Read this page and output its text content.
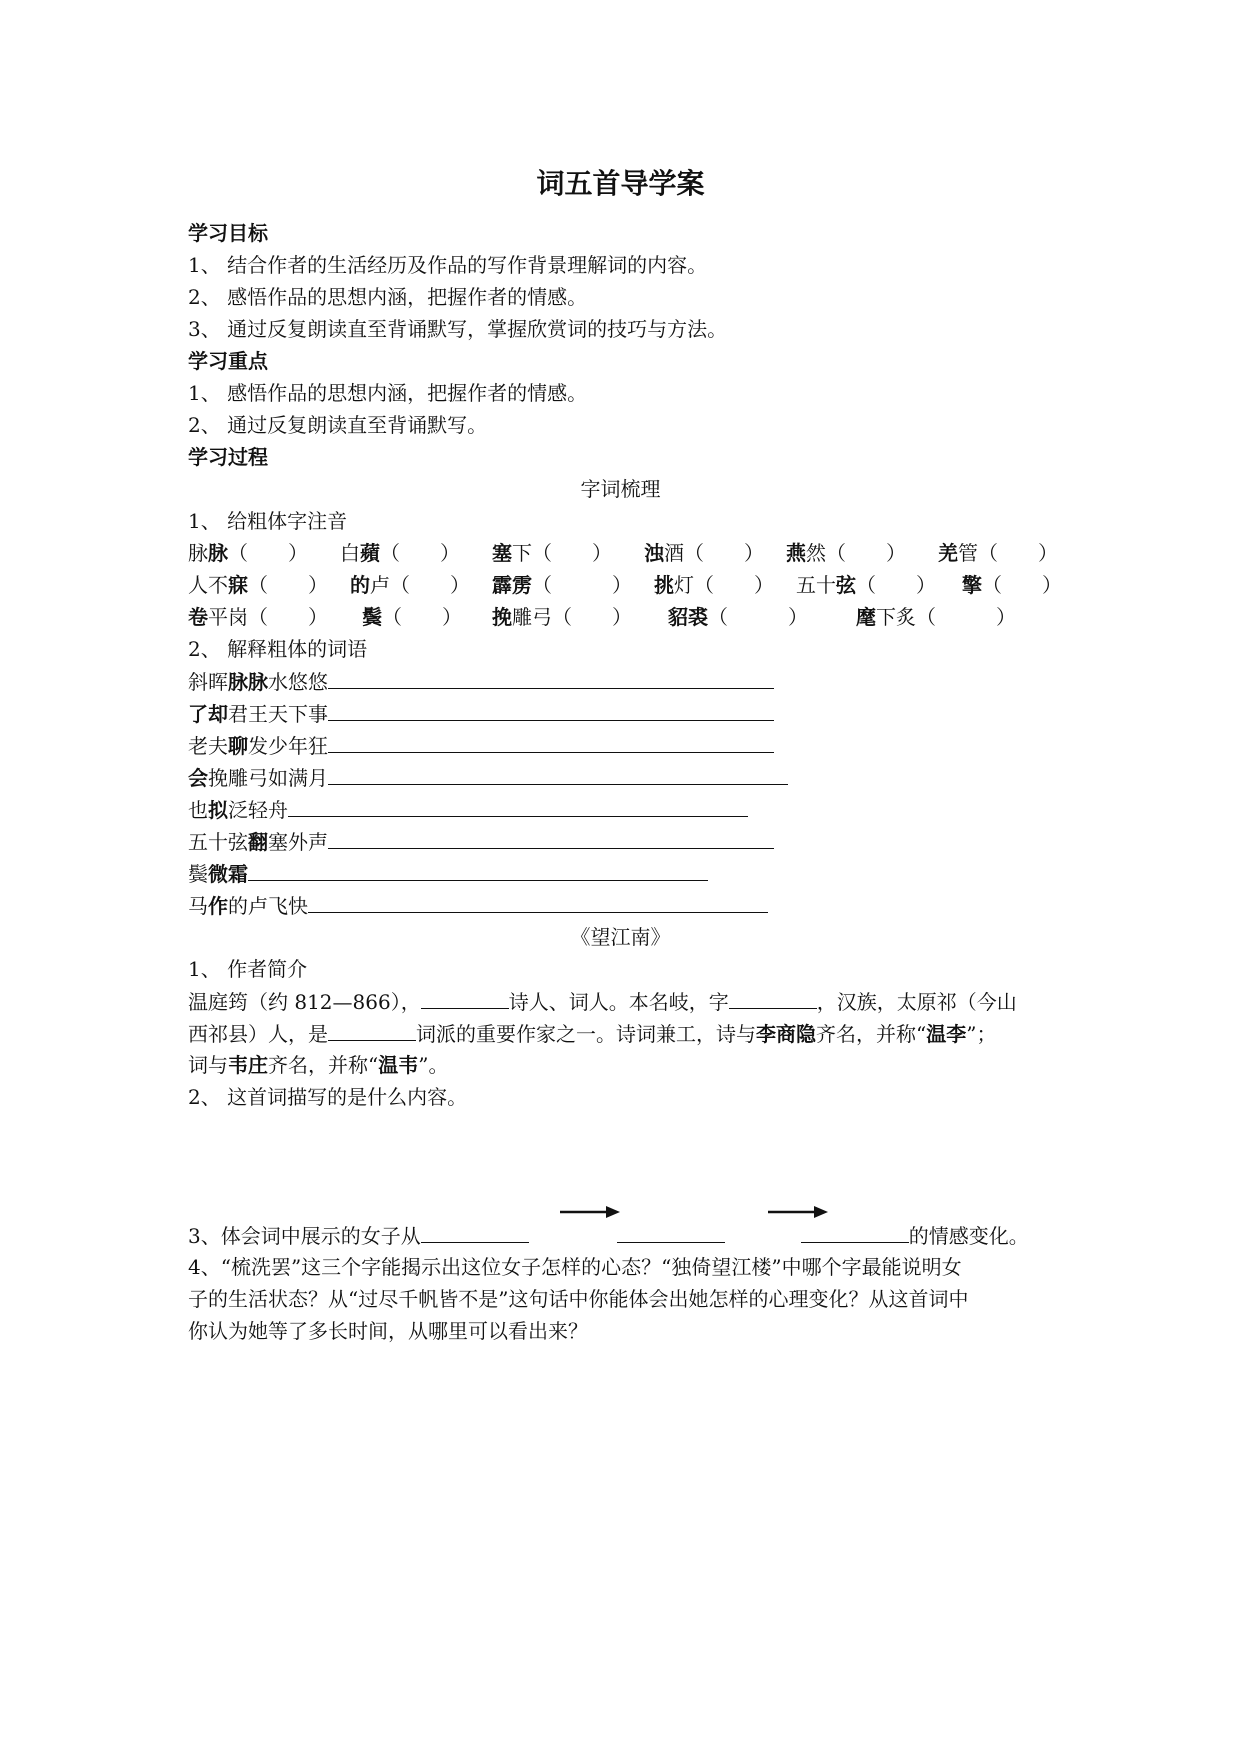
词五首导学案
学习目标
1、 结合作者的生活经历及作品的写作背景理解词的内容。
2、 感悟作品的思想内涵，把握作者的情感。
3、 通过反复朗读直至背诵默写，掌握欣赏词的技巧与方法。
学习重点
1、 感悟作品的思想内涵，把握作者的情感。
2、 通过反复朗读直至背诵默写。
学习过程
字词梳理
1、 给粗体字注音
脉脉（　　） 白蘋（　　） 塞下（　　） 浊酒（　　） 燕然（　　） 羌管（　　）
人不寐（　　） 的卢（　　） 霹雳（　　　） 挑灯（　　） 五十弦（　　） 擎（　　）
卷平岗（　　） 鬓（　　） 挽雕弓（　　） 貂裘（　　　） 麾下炙（　　　）
2、 解释粗体的词语
斜晖脉脉水悠悠
了却君王天下事
老夫聊发少年狂
会挽雕弓如满月
也拟泛轻舟
五十弦翻塞外声
鬓微霜
马作的卢飞快
《望江南》
1、 作者简介
温庭筠（约 812—866），	诗人、词人。本名岐，字	，汉族，太原祁（今山
西祁县）人，是	词派的重要作家之一。诗词兼工，诗与李商隐齐名，并称“温李”；
词与韦庄齐名，并称“温韦”。
2、 这首词描写的是什么内容。
3、体会词中展示的女子从	的情感变化。
4、“梳洗罢”这三个字能揭示出这位女子怎样的心态？“独倚望江楼”中哪个字最能说明女
子的生活状态？从“过尽千帆皆不是”这句话中你能体会出她怎样的心理变化？从这首词中
你认为她等了多长时间，从哪里可以看出来？
